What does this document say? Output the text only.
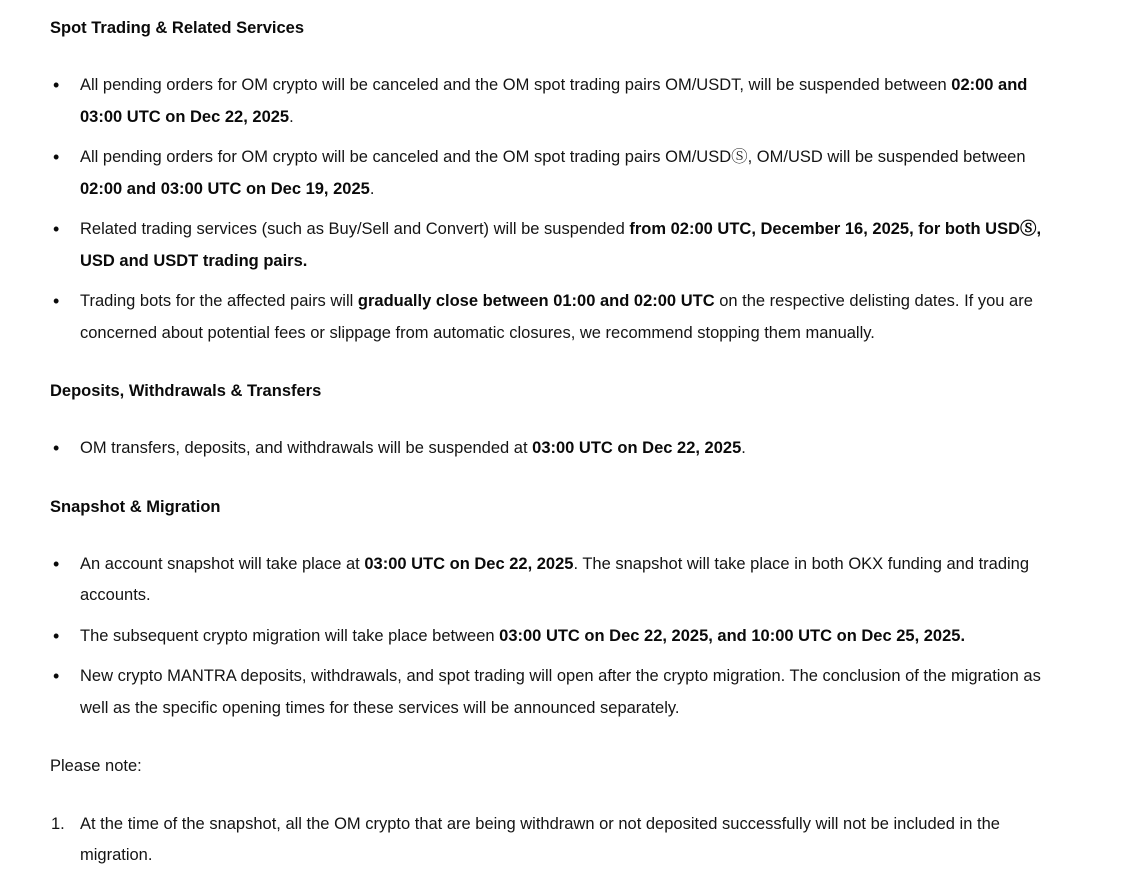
Spot Trading & Related Services
• All pending orders for OM crypto will be canceled and the OM spot trading pairs OM/USDT, will be suspended between 02:00 and 03:00 UTC on Dec 22, 2025.
• All pending orders for OM crypto will be canceled and the OM spot trading pairs OM/USDⓈ, OM/USD will be suspended between 02:00 and 03:00 UTC on Dec 19, 2025.
• Related trading services (such as Buy/Sell and Convert) will be suspended from 02:00 UTC, December 16, 2025, for both USDⓈ, USD and USDT trading pairs.
• Trading bots for the affected pairs will gradually close between 01:00 and 02:00 UTC on the respective delisting dates. If you are concerned about potential fees or slippage from automatic closures, we recommend stopping them manually.
Deposits, Withdrawals & Transfers
• OM transfers, deposits, and withdrawals will be suspended at 03:00 UTC on Dec 22, 2025.
Snapshot & Migration
• An account snapshot will take place at 03:00 UTC on Dec 22, 2025. The snapshot will take place in both OKX funding and trading accounts.
• The subsequent crypto migration will take place between 03:00 UTC on Dec 22, 2025, and 10:00 UTC on Dec 25, 2025.
• New crypto MANTRA deposits, withdrawals, and spot trading will open after the crypto migration. The conclusion of the migration as well as the specific opening times for these services will be announced separately.

Please note:

1. At the time of the snapshot, all the OM crypto that are being withdrawn or not deposited successfully will not be included in the migration.
